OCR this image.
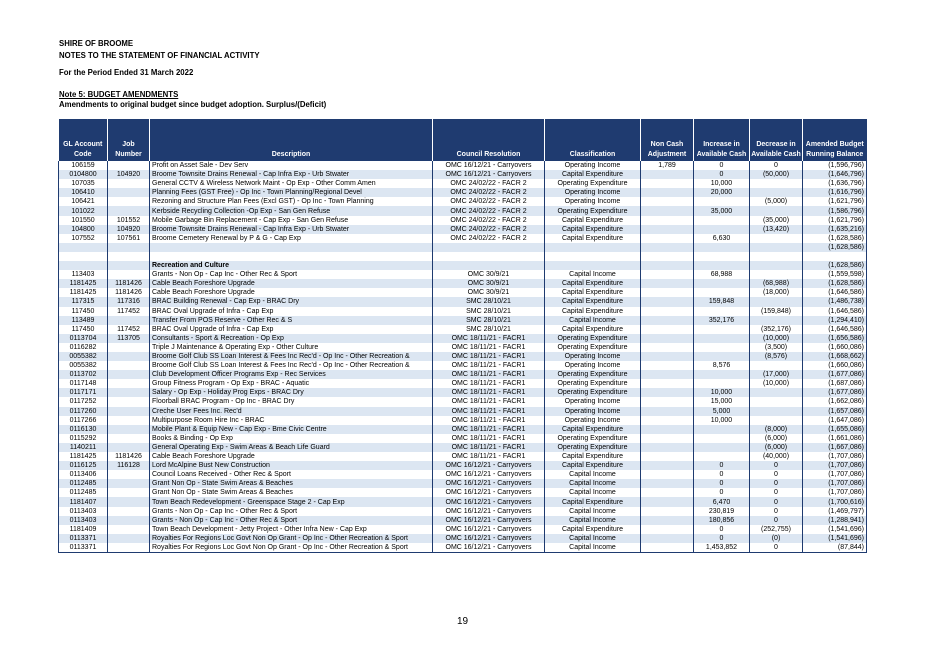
SHIRE OF BROOME
NOTES TO THE STATEMENT OF FINANCIAL ACTIVITY
For the Period Ended 31 March 2022
Note 5: BUDGET AMENDMENTS
Amendments to original budget since budget adoption. Surplus/(Deficit)
GL Account Code	Job Number	Description	Council Resolution	Classification	Non Cash Adjustment	Increase in Available Cash	Decrease in Available Cash	Amended Budget Running Balance
106159		Profit on Asset Sale - Dev Serv	OMC 16/12/21 - Carryovers	Operating Income	1,789	0	0	(1,596,796)
0104800	104920	Broome Townsite Drains Renewal - Cap Infra Exp - Urb Stwater	OMC 16/12/21 - Carryovers	Capital Expenditure		0	(50,000)	(1,646,796)
107035		General CCTV & Wireless Network Maint - Op Exp - Other Comm Amen	OMC 24/02/22 - FACR 2	Operating Expenditure		10,000		(1,636,796)
106410		Planning Fees (GST Free) - Op Inc - Town Planning/Regional Devel	OMC 24/02/22 - FACR 2	Operating Income		20,000		(1,616,796)
106421		Rezoning and Structure Plan Fees (Excl GST) - Op Inc - Town Planning	OMC 24/02/22 - FACR 2	Operating Income			(5,000)	(1,621,796)
101022		Kerbside Recycling Collection -Op Exp - San Gen Refuse	OMC 24/02/22 - FACR 2	Operating Expenditure		35,000		(1,586,796)
101550	101552	Mobile Garbage Bin Replacement - Cap Exp - San Gen Refuse	OMC 24/02/22 - FACR 2	Capital Expenditure			(35,000)	(1,621,796)
104800	104920	Broome Townsite Drains Renewal - Cap Infra Exp - Urb Stwater	OMC 24/02/22 - FACR 2	Capital Expenditure			(13,420)	(1,635,216)
107552	107561	Broome Cemetery Renewal by P & G - Cap Exp	OMC 24/02/22 - FACR 2	Capital Expenditure		6,630		(1,628,586)
								(1,628,586)

		Recreation and Culture						(1,628,586)
113403		Grants - Non Op - Cap Inc - Other Rec & Sport	OMC 30/9/21	Capital Income		68,988		(1,559,598)
1181425	1181426	Cable Beach Foreshore Upgrade	OMC 30/9/21	Capital Expenditure			(68,988)	(1,628,586)
1181425	1181426	Cable Beach Foreshore Upgrade	OMC 30/9/21	Capital Expenditure			(18,000)	(1,646,586)
117315	117316	BRAC Building Renewal - Cap Exp - BRAC Dry	SMC 28/10/21	Capital Expenditure		159,848		(1,486,738)
117450	117452	BRAC Oval Upgrade of Infra - Cap Exp	SMC 28/10/21	Capital Expenditure			(159,848)	(1,646,586)
113489		Transfer From POS Reserve - Other Rec & S	SMC 28/10/21	Capital Income		352,176		(1,294,410)
117450	117452	BRAC Oval Upgrade of Infra - Cap Exp	SMC 28/10/21	Capital Expenditure			(352,176)	(1,646,586)
0113704	113705	Consultants - Sport & Recreation - Op Exp	OMC 18/11/21 - FACR1	Operating Expenditure			(10,000)	(1,656,586)
0116282		Triple J Maintenance & Operating Exp - Other Culture	OMC 18/11/21 - FACR1	Operating Expenditure			(3,500)	(1,660,086)
0055382		Broome Golf Club SS Loan Interest & Fees Inc Rec'd - Op Inc - Other Recreation &	OMC 18/11/21 - FACR1	Operating Income			(8,576)	(1,668,662)
0055382		Broome Golf Club SS Loan Interest & Fees Inc Rec'd - Op Inc - Other Recreation &	OMC 18/11/21 - FACR1	Operating Income		8,576		(1,660,086)
0113702		Club Development Officer Programs Exp - Rec Services	OMC 18/11/21 - FACR1	Operating Expenditure			(17,000)	(1,677,086)
0117148		Group Fitness Program - Op Exp - BRAC - Aquatic	OMC 18/11/21 - FACR1	Operating Expenditure			(10,000)	(1,687,086)
0117171		Salary - Op Exp - Holiday Prog Exps - BRAC Dry	OMC 18/11/21 - FACR1	Operating Expenditure		10,000		(1,677,086)
0117252		Floorball BRAC Program - Op Inc - BRAC Dry	OMC 18/11/21 - FACR1	Operating Income		15,000		(1,662,086)
0117260		Creche User Fees Inc. Rec'd	OMC 18/11/21 - FACR1	Operating Income		5,000		(1,657,086)
0117266		Multipurpose Room Hire Inc - BRAC	OMC 18/11/21 - FACR1	Operating Income		10,000		(1,647,086)
0116130		Mobile Plant & Equip New - Cap Exp - Bme Civic Centre	OMC 18/11/21 - FACR1	Capital Expenditure			(8,000)	(1,655,086)
0115292		Books & Binding - Op Exp	OMC 18/11/21 - FACR1	Operating Expenditure			(6,000)	(1,661,086)
1140211		General Operating Exp - Swim Areas & Beach Life Guard	OMC 18/11/21 - FACR1	Operating Expenditure			(6,000)	(1,667,086)
1181425	1181426	Cable Beach Foreshore Upgrade	OMC 18/11/21 - FACR1	Capital Expenditure			(40,000)	(1,707,086)
0116125	116128	Lord McAlpine Bust New Construction	OMC 16/12/21 - Carryovers	Capital Expenditure		0	0	(1,707,086)
0113406		Council Loans Received - Other Rec & Sport	OMC 16/12/21 - Carryovers	Capital Income		0	0	(1,707,086)
0112485		Grant Non Op - State Swim Areas & Beaches	OMC 16/12/21 - Carryovers	Capital Income		0	0	(1,707,086)
0112485		Grant Non Op - State Swim Areas & Beaches	OMC 16/12/21 - Carryovers	Capital Income		0	0	(1,707,086)
1181407		Town Beach Redevelopment - Greenspace Stage 2 - Cap Exp	OMC 16/12/21 - Carryovers	Capital Expenditure		6,470	0	(1,700,616)
0113403		Grants - Non Op - Cap Inc - Other Rec & Sport	OMC 16/12/21 - Carryovers	Capital Income		230,819	0	(1,469,797)
0113403		Grants - Non Op - Cap Inc - Other Rec & Sport	OMC 16/12/21 - Carryovers	Capital Income		180,856	0	(1,288,941)
1181409		Town Beach Development - Jetty Project - Other Infra New - Cap Exp	OMC 16/12/21 - Carryovers	Capital Expenditure		0	(252,755)	(1,541,696)
0113371		Royalties For Regions Loc Govt Non Op Grant - Op Inc - Other Recreation & Sport	OMC 16/12/21 - Carryovers	Capital Income		0	(0)	(1,541,696)
0113371		Royalties For Regions Loc Govt Non Op Grant - Op Inc - Other Recreation & Sport	OMC 16/12/21 - Carryovers	Capital Income		1,453,852	0	(87,844)
19
